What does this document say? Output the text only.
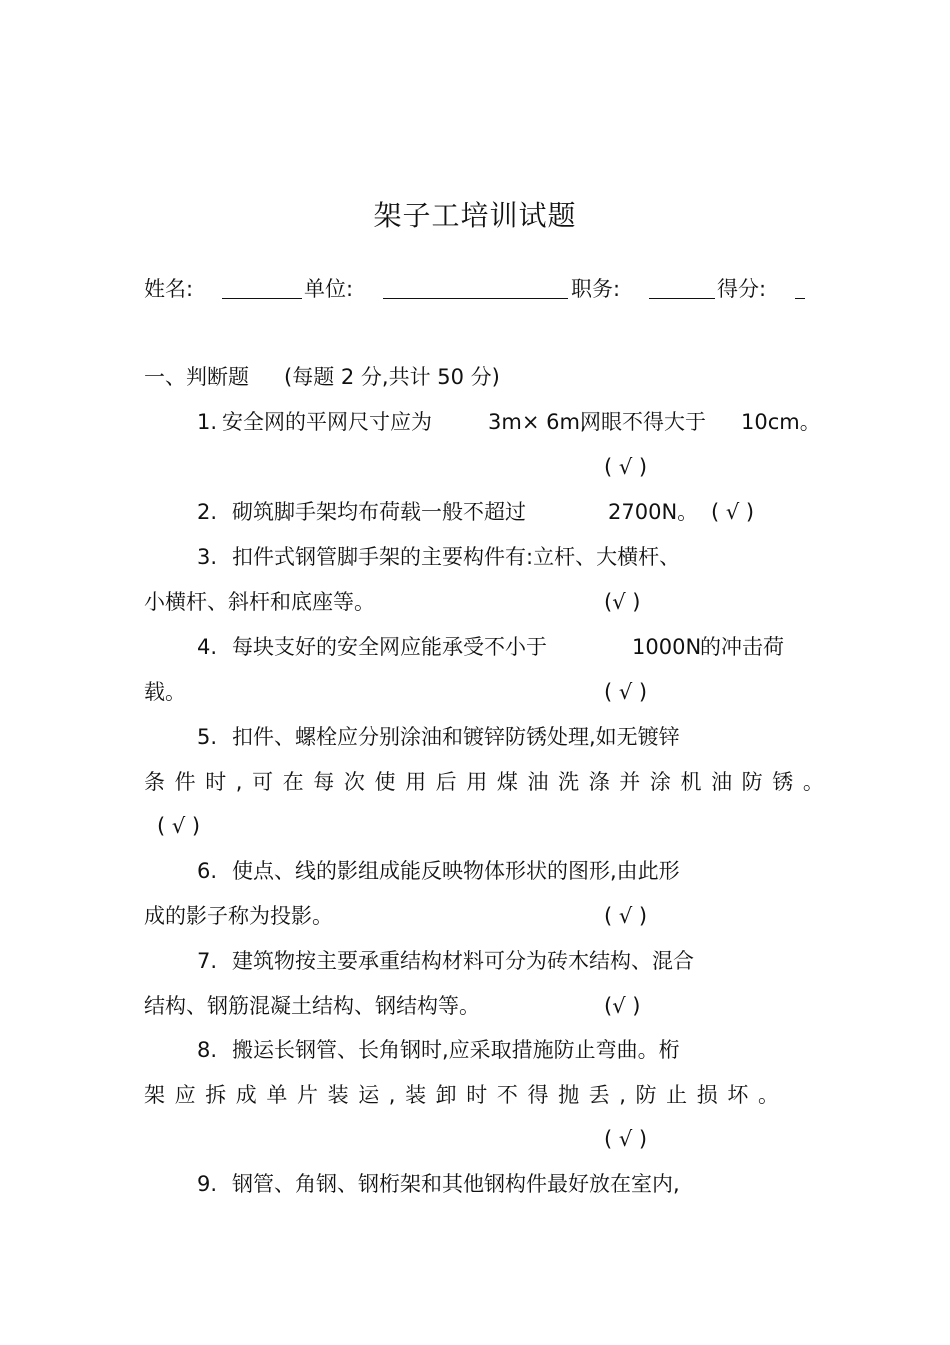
架子工培训试题
姓名:	单位:	职务:	得分:
一、判断题 (每题 2 分,共计 50 分)
1. 安全网的平网尺寸应为	3m× 6m,
网眼不得大于 10cm。
( √ )
2. 砌筑脚手架均布荷载一般不超过	2700N。 ( √ )
3. 扣件式钢管脚手架的主要构件有:立杆、大横杆、
小横杆、斜杆和底座等。	(√ )
4. 每块支好的安全网应能承受不小于	1000N
的冲击荷
载。	( √ )
5. 扣件、螺栓应分别涂油和镀锌防锈处理,如无镀锌
条件时,可在每次使用后用煤油洗涤并涂机油防锈。
( √ )
6. 使点、线的影组成能反映物体形状的图形,由此形
成的影子称为投影。	( √ )
7. 建筑物按主要承重结构材料可分为砖木结构、混合
结构、钢筋混凝土结构、钢结构等。	(√ )
8. 搬运长钢管、长角钢时,应采取措施防止弯曲。桁
架应拆成单片装运,装卸时不得抛丢,防止损坏。
( √ )
9. 钢管、角钢、钢桁架和其他钢构件最好放在室内,
